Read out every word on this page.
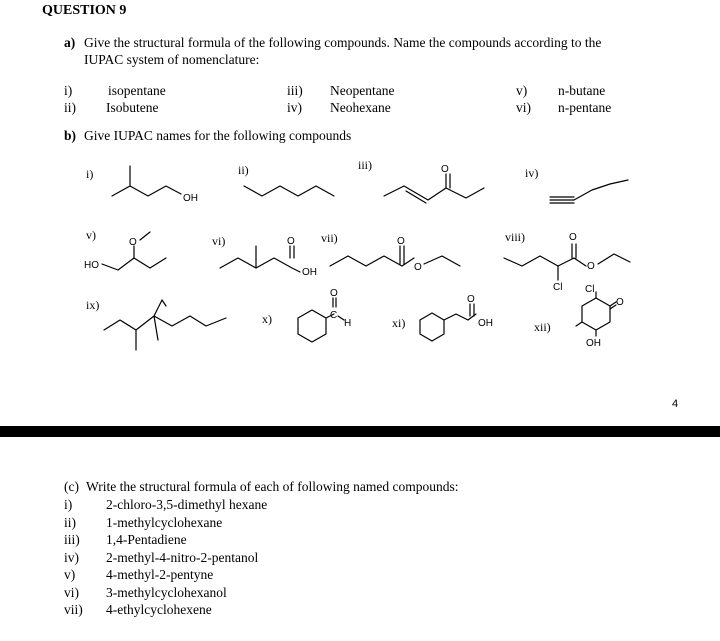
QUESTION 9
a) Give the structural formula of the following compounds. Name the compounds according to the
IUPAC system of nomenclature:
i)	isopentane
ii) Isobutene
iii) Neopentane
iv) Neohexane
v) n-butane
vi) n-pentane
b) Give IUPAC names for the following compounds
i)	ii)	iii)
iv)
v)	vi)	vii)	viii)
ix)
x)	xi)	xii)
OH
O
HO
O	O
OH
O
O
Cl
O
O
C
O
H
O
OH
Cl
O
OH
4
(c) Write the structural formula of each of following named compounds:
i)	2-chloro-3,5-dimethyl hexane
ii) 1-methylcyclohexane
iii) 1,4-Pentadiene
iv) 2-methyl-4-nitro-2-pentanol
v) 4-methyl-2-pentyne
vi) 3-methylcyclohexanol
vii) 4-ethylcyclohexene
